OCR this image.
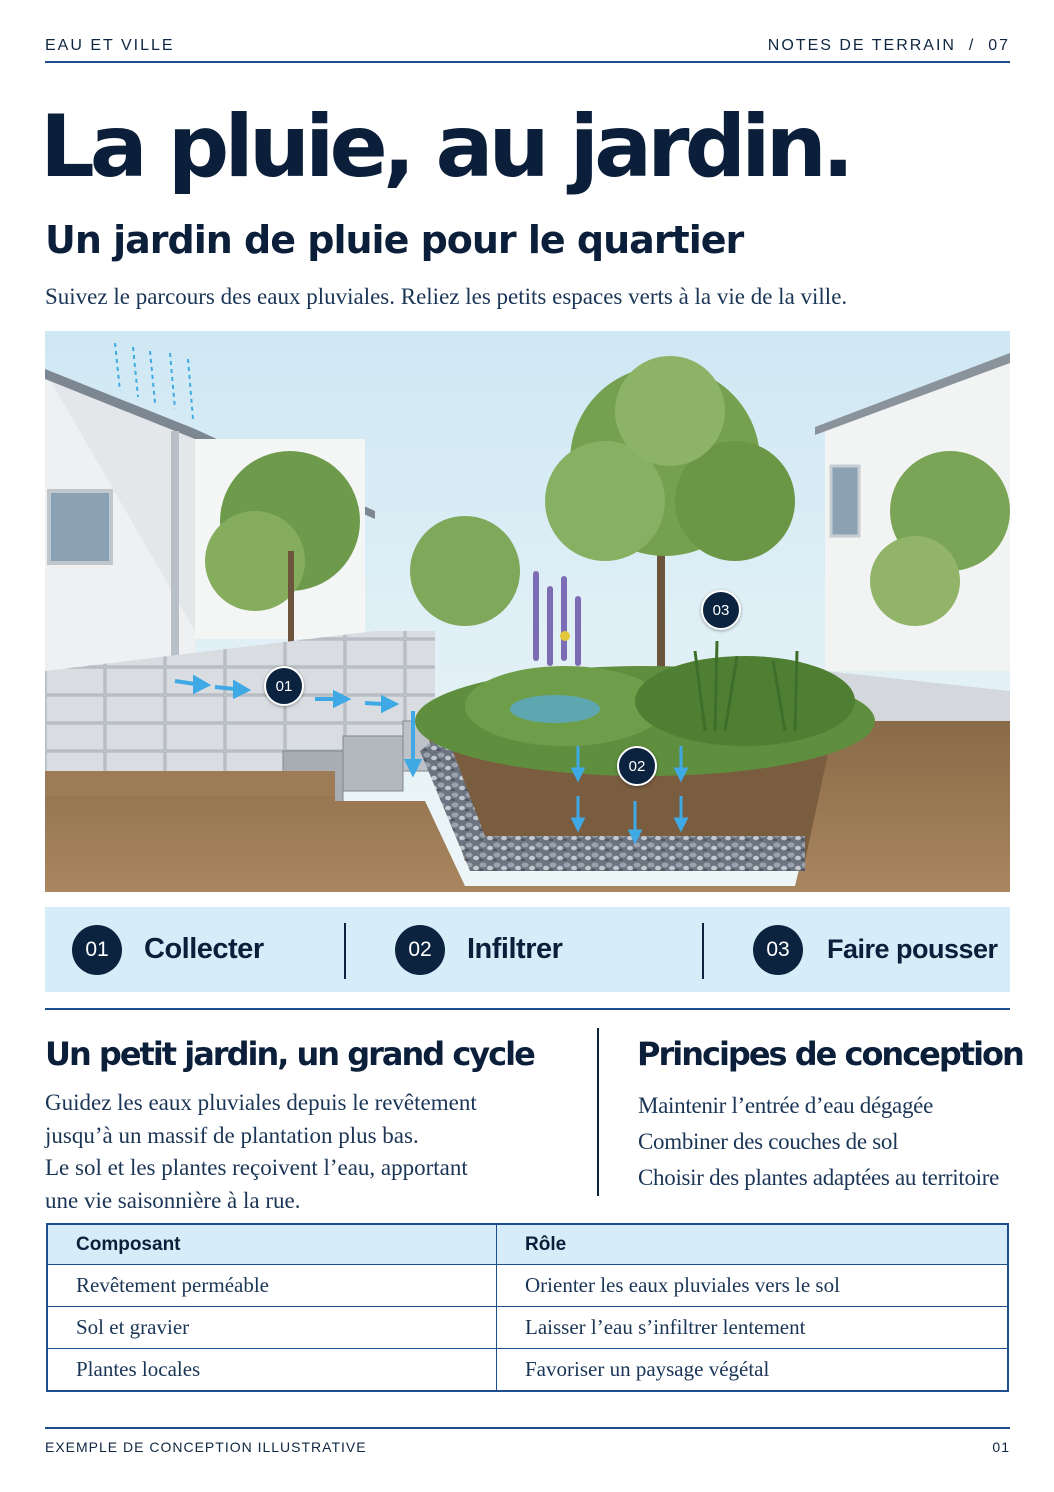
EAU ET VILLE	NOTES DE TERRAIN  /  07
La pluie, au jardin.
Un jardin de pluie pour le quartier

Suivez le parcours des eaux pluviales. Reliez les petits espaces verts à la vie de la ville.

01
02
03
01	Collecter	02	Infiltrer	03	Faire pousser
Un petit jardin, un grand cycle
Guidez les eaux pluviales depuis le revêtement
jusqu’à un massif de plantation plus bas.
Le sol et les plantes reçoivent l’eau, apportant
une vie saisonnière à la rue.
Principes de conception
Maintenir l’entrée d’eau dégagée
Combiner des couches de sol
Choisir des plantes adaptées au territoire
Composant	Rôle
Revêtement perméable	Orienter les eaux pluviales vers le sol
Sol et gravier	Laisser l’eau s’infiltrer lentement
Plantes locales	Favoriser un paysage végétal
EXEMPLE DE CONCEPTION ILLUSTRATIVE	01
